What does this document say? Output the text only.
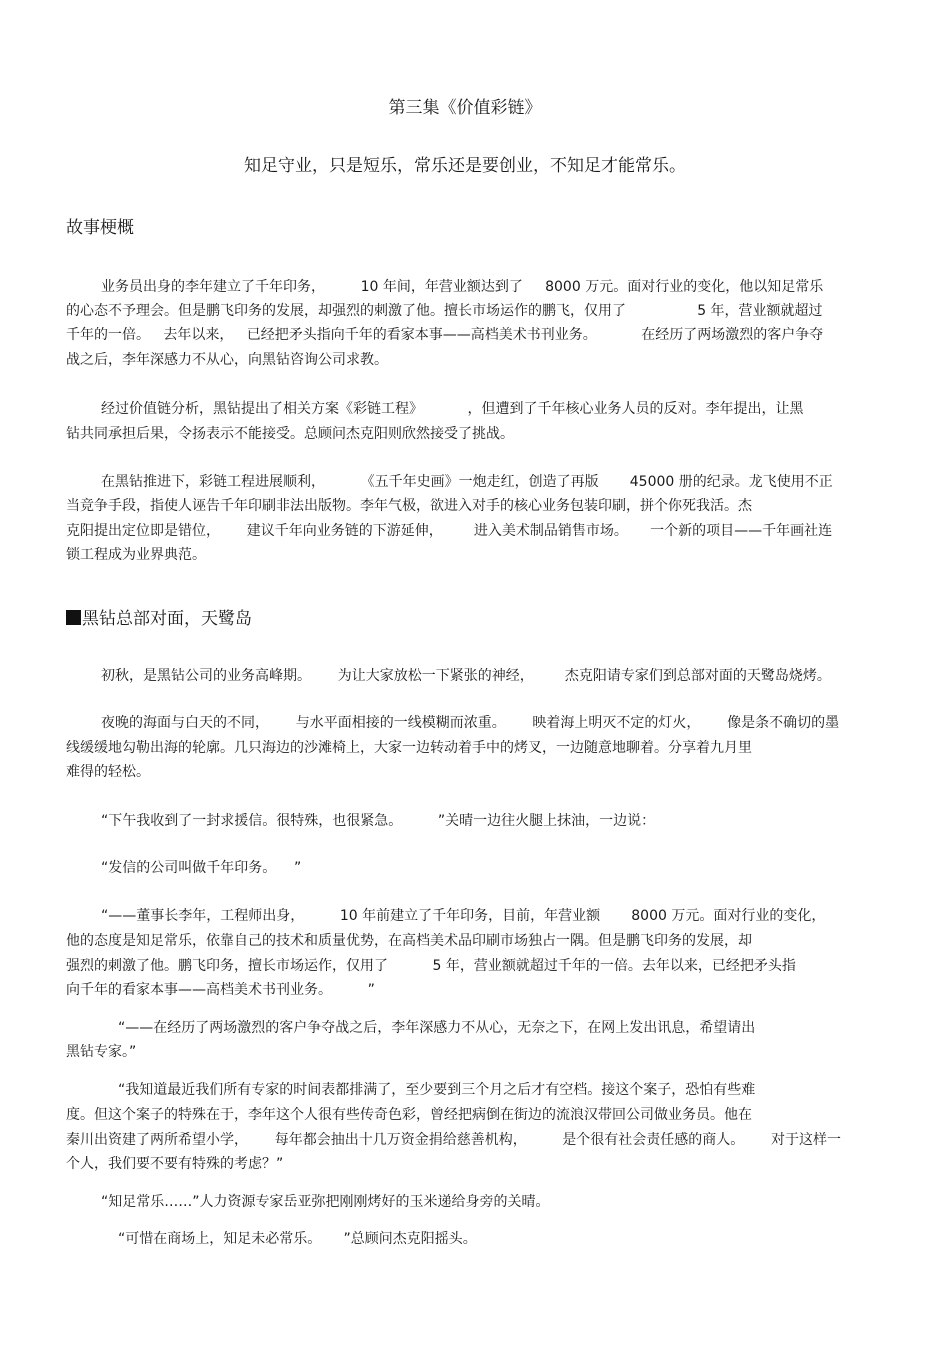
第三集《价值彩链》
知足守业，只是短乐，常乐还是要创业，不知足才能常乐。
故事梗概
业务员出身的李年建立了千年印务，        10 年间，年营业额达到了     8000 万元。面对行业的变化，他以知足常乐
的心态不予理会。但是鹏飞印务的发展，却强烈的刺激了他。擅长市场运作的鹏飞，仅用了                5 年，营业额就超过
千年的一倍。   去年以来，   已经把矛头指向千年的看家本事——高档美术书刊业务。          在经历了两场激烈的客户争夺
战之后，李年深感力不从心，向黑钻咨询公司求教。
经过价值链分析，黑钻提出了相关方案《彩链工程》          ，但遭到了千年核心业务人员的反对。李年提出，让黑
钻共同承担后果，令扬表示不能接受。总顾问杰克阳则欣然接受了挑战。
在黑钻推进下，彩链工程进展顺利，        《五千年史画》一炮走红，创造了再版       45000 册的纪录。龙飞使用不正
当竞争手段，指使人诬告千年印刷非法出版物。李年气极，欲进入对手的核心业务包装印刷，拼个你死我活。杰
克阳提出定位即是错位，      建议千年向业务链的下游延伸，       进入美术制品销售市场。     一个新的项目——千年画社连
锁工程成为业界典范。
黑钻总部对面，天鹭岛
初秋，是黑钻公司的业务高峰期。      为让大家放松一下紧张的神经，       杰克阳请专家们到总部对面的天鹭岛烧烤。
夜晚的海面与白天的不同，      与水平面相接的一线模糊而浓重。      映着海上明灭不定的灯火，      像是条不确切的墨
线缓缓地勾勒出海的轮廓。几只海边的沙滩椅上，大家一边转动着手中的烤叉，一边随意地聊着。分享着九月里
难得的轻松。
“下午我收到了一封求援信。很特殊，也很紧急。        ”关晴一边往火腿上抹油，一边说：
“发信的公司叫做千年印务。    ”
“——董事长李年，工程师出身，        10 年前建立了千年印务，目前，年营业额       8000 万元。面对行业的变化，
他的态度是知足常乐，依靠自己的技术和质量优势，在高档美术品印刷市场独占一隅。但是鹏飞印务的发展，却
强烈的刺激了他。鹏飞印务，擅长市场运作，仅用了          5 年，营业额就超过千年的一倍。去年以来，已经把矛头指
向千年的看家本事——高档美术书刊业务。        ”
“——在经历了两场激烈的客户争夺战之后，李年深感力不从心，无奈之下，在网上发出讯息，希望请出
黑钻专家。”
“我知道最近我们所有专家的时间表都排满了，至少要到三个月之后才有空档。接这个案子，恐怕有些难
度。但这个案子的特殊在于，李年这个人很有些传奇色彩，曾经把病倒在街边的流浪汉带回公司做业务员。他在
秦川出资建了两所希望小学，      每年都会抽出十几万资金捐给慈善机构，        是个很有社会责任感的商人。      对于这样一
个人，我们要不要有特殊的考虑？”
“知足常乐……”人力资源专家岳亚弥把刚刚烤好的玉米递给身旁的关晴。
“可惜在商场上，知足未必常乐。     ”总顾问杰克阳摇头。
